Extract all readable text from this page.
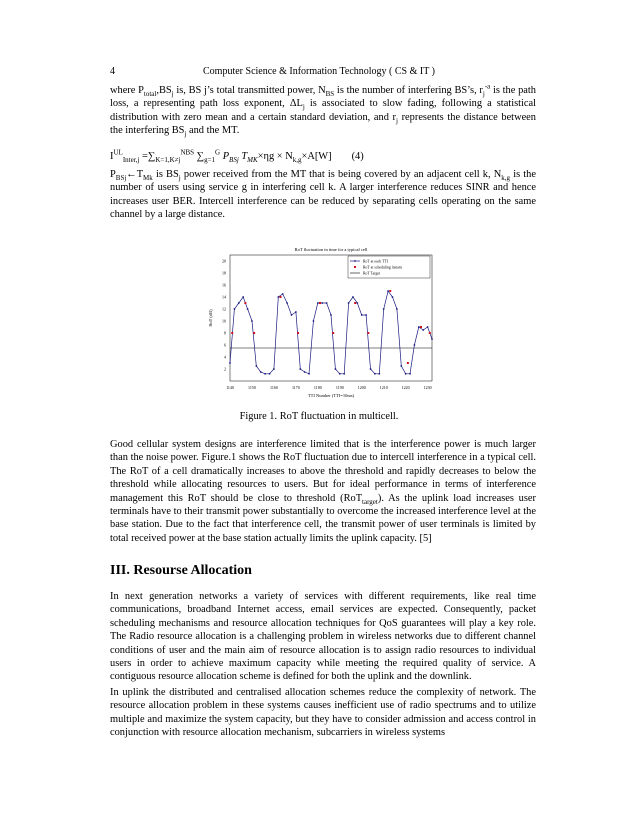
4	Computer Science & Information Technology ( CS & IT )

where $P_{total},BS_j$ is, BS j’s total transmitted power, $N_{BS}$ is the number of interfering BS’s, $r_j^{-a}$ is the path loss, a representing path loss exponent, $\Delta L_j$ is associated to slow fading, following a statistical distribution with zero mean and a certain standard deviation, and $r_j$ represents the distance between the interfering $BS_j$ and the MT.

$I^{UL}_{Inter,j} =\sum_{K=1,K\ne j}^{NBS}$ $\sum_{g=1}^G$ $P_{BSj}$ $T_{MK}\times\eta g \times N_{k,g}\times A[W]$ (4)

$P_{BSj}\leftarrow T_{Mk}$ is $BS_j$ power received from the MT that is being covered by an adjacent cell k, $N_{k,g}$ is the number of users using service g in interfering cell k. A larger interference reduces SINR and hence increases user BER. Intercell interference can be reduced by separating cells operating on the same channel by a large distance.

RoT fluctuation in time for a typical cell
2
4
6
8
10
12
14
16
18
20
1140	1150	1160	1170	1180	1190	1200	1210	1220	1230
TTI Number (TTI=10ms)
RoT (dB)
RoT at each TTI
RoT at scheduling instant
RoT Target
Figure 1. RoT fluctuation in multicell.

Good cellular system designs are interference limited that is the interference power is much larger than the noise power. Figure.1 shows the RoT fluctuation due to intercell interference in a typical cell. The RoT of a cell dramatically increases to above the threshold and rapidly decreases to below the threshold while allocating resources to users. But for ideal performance in terms of interference management this RoT should be close to threshold (RoT$_{target}$). As the uplink load increases user terminals have to their transmit power substantially to overcome the increased interference level at the base station. Due to the fact that interference cell, the transmit power of user terminals is limited by total received power at the base station actually limits the uplink capacity. [5]

III. Resourse Allocation
In next generation networks a variety of services with different requirements, like real time communications, broadband Internet access, email services are expected. Consequently, packet scheduling mechanisms and resource allocation techniques for QoS guarantees will play a key role. The Radio resource allocation is a challenging problem in wireless networks due to different channel conditions of user and the main aim of resource allocation is to assign radio resources to individual users in order to achieve maximum capacity while meeting the required quality of service. A contiguous resource allocation scheme is defined for both the uplink and the downlink.
In uplink the distributed and centralised allocation schemes reduce the complexity of network. The resource allocation problem in these systems causes inefficient use of radio spectrums and to utilize multiple and maximize the system capacity, but they have to consider admission and access control in conjunction with resource allocation mechanism, subcarriers in wireless systems
